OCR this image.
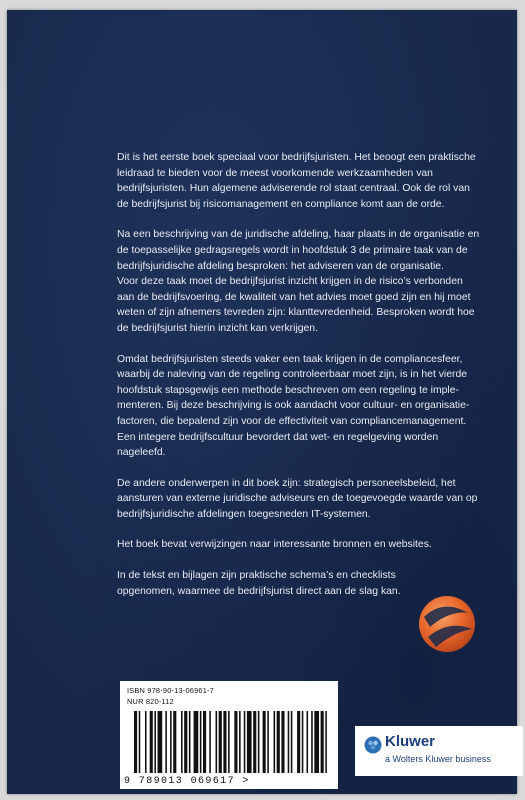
Dit is het eerste boek speciaal voor bedrijfsjuristen. Het beoogt een praktische
leidraad te bieden voor de meest voorkomende werkzaamheden van
bedrijfsjuristen. Hun algemene adviserende rol staat centraal. Ook de rol van
de bedrijfsjurist bij risicomanagement en compliance komt aan de orde.

Na een beschrijving van de juridische afdeling, haar plaats in de organisatie en
de toepasselijke gedragsregels wordt in hoofdstuk 3 de primaire taak van de
bedrijfsjuridische afdeling besproken: het adviseren van de organisatie.
Voor deze taak moet de bedrijfsjurist inzicht krijgen in de risico’s verbonden
aan de bedrijfsvoering, de kwaliteit van het advies moet goed zijn en hij moet
weten of zijn afnemers tevreden zijn: klanttevredenheid. Besproken wordt hoe
de bedrijfsjurist hierin inzicht kan verkrijgen.

Omdat bedrijfsjuristen steeds vaker een taak krijgen in de compliancesfeer,
waarbij de naleving van de regeling controleerbaar moet zijn, is in het vierde
hoofdstuk stapsgewijs een methode beschreven om een regeling te imple-
menteren. Bij deze beschrijving is ook aandacht voor cultuur- en organisatie-
factoren, die bepalend zijn voor de effectiviteit van compliancemanagement.
Een integere bedrijfscultuur bevordert dat wet- en regelgeving worden
nageleefd.

De andere onderwerpen in dit boek zijn: strategisch personeelsbeleid, het
aansturen van externe juridische adviseurs en de toegevoegde waarde van op
bedrijfsjuridische afdelingen toegesneden IT-systemen.

Het boek bevat verwijzingen naar interessante bronnen en websites.

In de tekst en bijlagen zijn praktische schema’s en checklists
opgenomen, waarmee de bedrijfsjurist direct aan de slag kan.

ISBN 978-90-13-06961-7
NUR 820-112
9 789013 069617 >
Kluwer
a Wolters Kluwer business
